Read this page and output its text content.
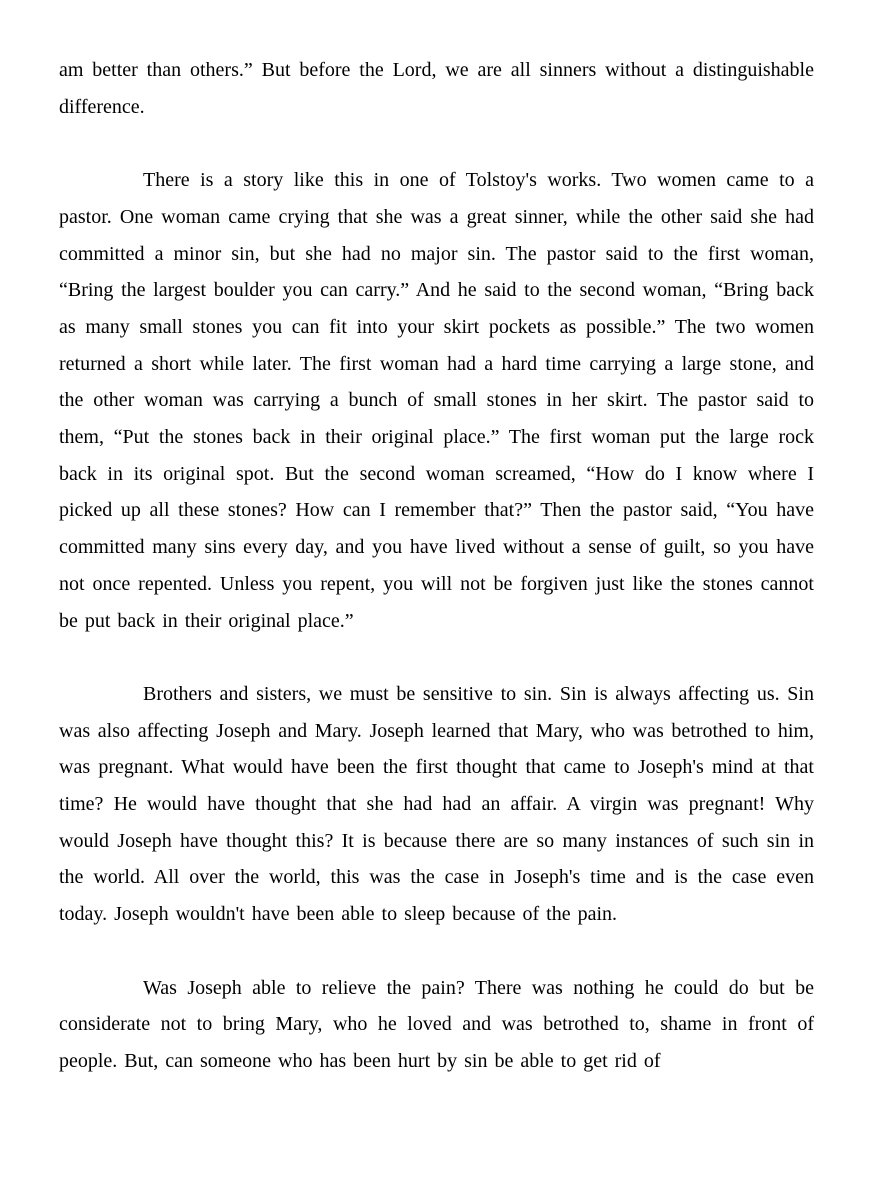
am better than others.” But before the Lord, we are all sinners without a distinguishable difference.

There is a story like this in one of Tolstoy's works. Two women came to a pastor. One woman came crying that she was a great sinner, while the other said she had committed a minor sin, but she had no major sin. The pastor said to the first woman, “Bring the largest boulder you can carry.” And he said to the second woman, “Bring back as many small stones you can fit into your skirt pockets as possible.” The two women returned a short while later. The first woman had a hard time carrying a large stone, and the other woman was carrying a bunch of small stones in her skirt. The pastor said to them, “Put the stones back in their original place.” The first woman put the large rock back in its original spot. But the second woman screamed, “How do I know where I picked up all these stones? How can I remember that?” Then the pastor said, “You have committed many sins every day, and you have lived without a sense of guilt, so you have not once repented. Unless you repent, you will not be forgiven just like the stones cannot be put back in their original place.”

Brothers and sisters, we must be sensitive to sin. Sin is always affecting us. Sin was also affecting Joseph and Mary. Joseph learned that Mary, who was betrothed to him, was pregnant. What would have been the first thought that came to Joseph's mind at that time? He would have thought that she had had an affair. A virgin was pregnant! Why would Joseph have thought this? It is because there are so many instances of such sin in the world. All over the world, this was the case in Joseph's time and is the case even today. Joseph wouldn't have been able to sleep because of the pain.

Was Joseph able to relieve the pain? There was nothing he could do but be considerate not to bring Mary, who he loved and was betrothed to, shame in front of people. But, can someone who has been hurt by sin be able to get rid of
